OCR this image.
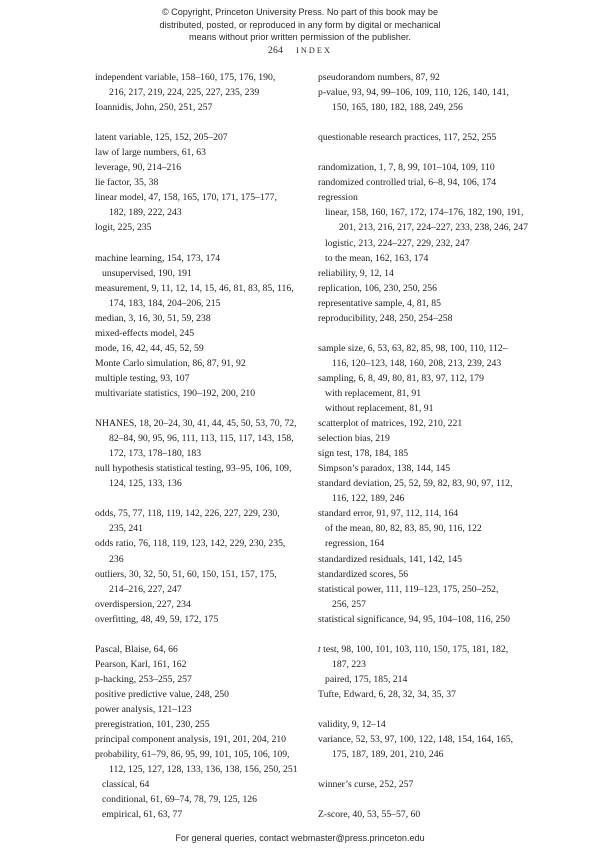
© Copyright, Princeton University Press. No part of this book may be
distributed, posted, or reproduced in any form by digital or mechanical
means without prior written permission of the publisher.
264 INDEX
independent variable, 158–160, 175, 176, 190,
216, 217, 219, 224, 225, 227, 235, 239
Ioannidis, John, 250, 251, 257
latent variable, 125, 152, 205–207
law of large numbers, 61, 63
leverage, 90, 214–216
lie factor, 35, 38
linear model, 47, 158, 165, 170, 171, 175–177,
182, 189, 222, 243
logit, 225, 235
machine learning, 154, 173, 174
unsupervised, 190, 191
measurement, 9, 11, 12, 14, 15, 46, 81, 83, 85, 116,
174, 183, 184, 204–206, 215
median, 3, 16, 30, 51, 59, 238
mixed-effects model, 245
mode, 16, 42, 44, 45, 52, 59
Monte Carlo simulation, 86, 87, 91, 92
multiple testing, 93, 107
multivariate statistics, 190–192, 200, 210
NHANES, 18, 20–24, 30, 41, 44, 45, 50, 53, 70, 72,
82–84, 90, 95, 96, 111, 113, 115, 117, 143, 158,
172, 173, 178–180, 183
null hypothesis statistical testing, 93–95, 106, 109,
124, 125, 133, 136
odds, 75, 77, 118, 119, 142, 226, 227, 229, 230,
235, 241
odds ratio, 76, 118, 119, 123, 142, 229, 230, 235,
236
outliers, 30, 32, 50, 51, 60, 150, 151, 157, 175,
214–216, 227, 247
overdispersion, 227, 234
overfitting, 48, 49, 59, 172, 175
Pascal, Blaise, 64, 66
Pearson, Karl, 161, 162
p-hacking, 253–255, 257
positive predictive value, 248, 250
power analysis, 121–123
preregistration, 101, 230, 255
principal component analysis, 191, 201, 204, 210
probability, 61–79, 86, 95, 99, 101, 105, 106, 109,
112, 125, 127, 128, 133, 136, 138, 156, 250, 251
classical, 64
conditional, 61, 69–74, 78, 79, 125, 126
empirical, 61, 63, 77
pseudorandom numbers, 87, 92
p-value, 93, 94, 99–106, 109, 110, 126, 140, 141,
150, 165, 180, 182, 188, 249, 256
questionable research practices, 117, 252, 255
randomization, 1, 7, 8, 99, 101–104, 109, 110
randomized controlled trial, 6–8, 94, 106, 174
regression
linear, 158, 160, 167, 172, 174–176, 182, 190, 191,
201, 213, 216, 217, 224–227, 233, 238, 246, 247
logistic, 213, 224–227, 229, 232, 247
to the mean, 162, 163, 174
reliability, 9, 12, 14
replication, 106, 230, 250, 256
representative sample, 4, 81, 85
reproducibility, 248, 250, 254–258
sample size, 6, 53, 63, 82, 85, 98, 100, 110, 112–
116, 120–123, 148, 160, 208, 213, 239, 243
sampling, 6, 8, 49, 80, 81, 83, 97, 112, 179
with replacement, 81, 91
without replacement, 81, 91
scatterplot of matrices, 192, 210, 221
selection bias, 219
sign test, 178, 184, 185
Simpson’s paradox, 138, 144, 145
standard deviation, 25, 52, 59, 82, 83, 90, 97, 112,
116, 122, 189, 246
standard error, 91, 97, 112, 114, 164
of the mean, 80, 82, 83, 85, 90, 116, 122
regression, 164
standardized residuals, 141, 142, 145
standardized scores, 56
statistical power, 111, 119–123, 175, 250–252,
256, 257
statistical significance, 94, 95, 104–108, 116, 250
t test, 98, 100, 101, 103, 110, 150, 175, 181, 182,
187, 223
paired, 175, 185, 214
Tufte, Edward, 6, 28, 32, 34, 35, 37
validity, 9, 12–14
variance, 52, 53, 97, 100, 122, 148, 154, 164, 165,
175, 187, 189, 201, 210, 246
winner’s curse, 252, 257
Z-score, 40, 53, 55–57, 60
For general queries, contact webmaster@press.princeton.edu
